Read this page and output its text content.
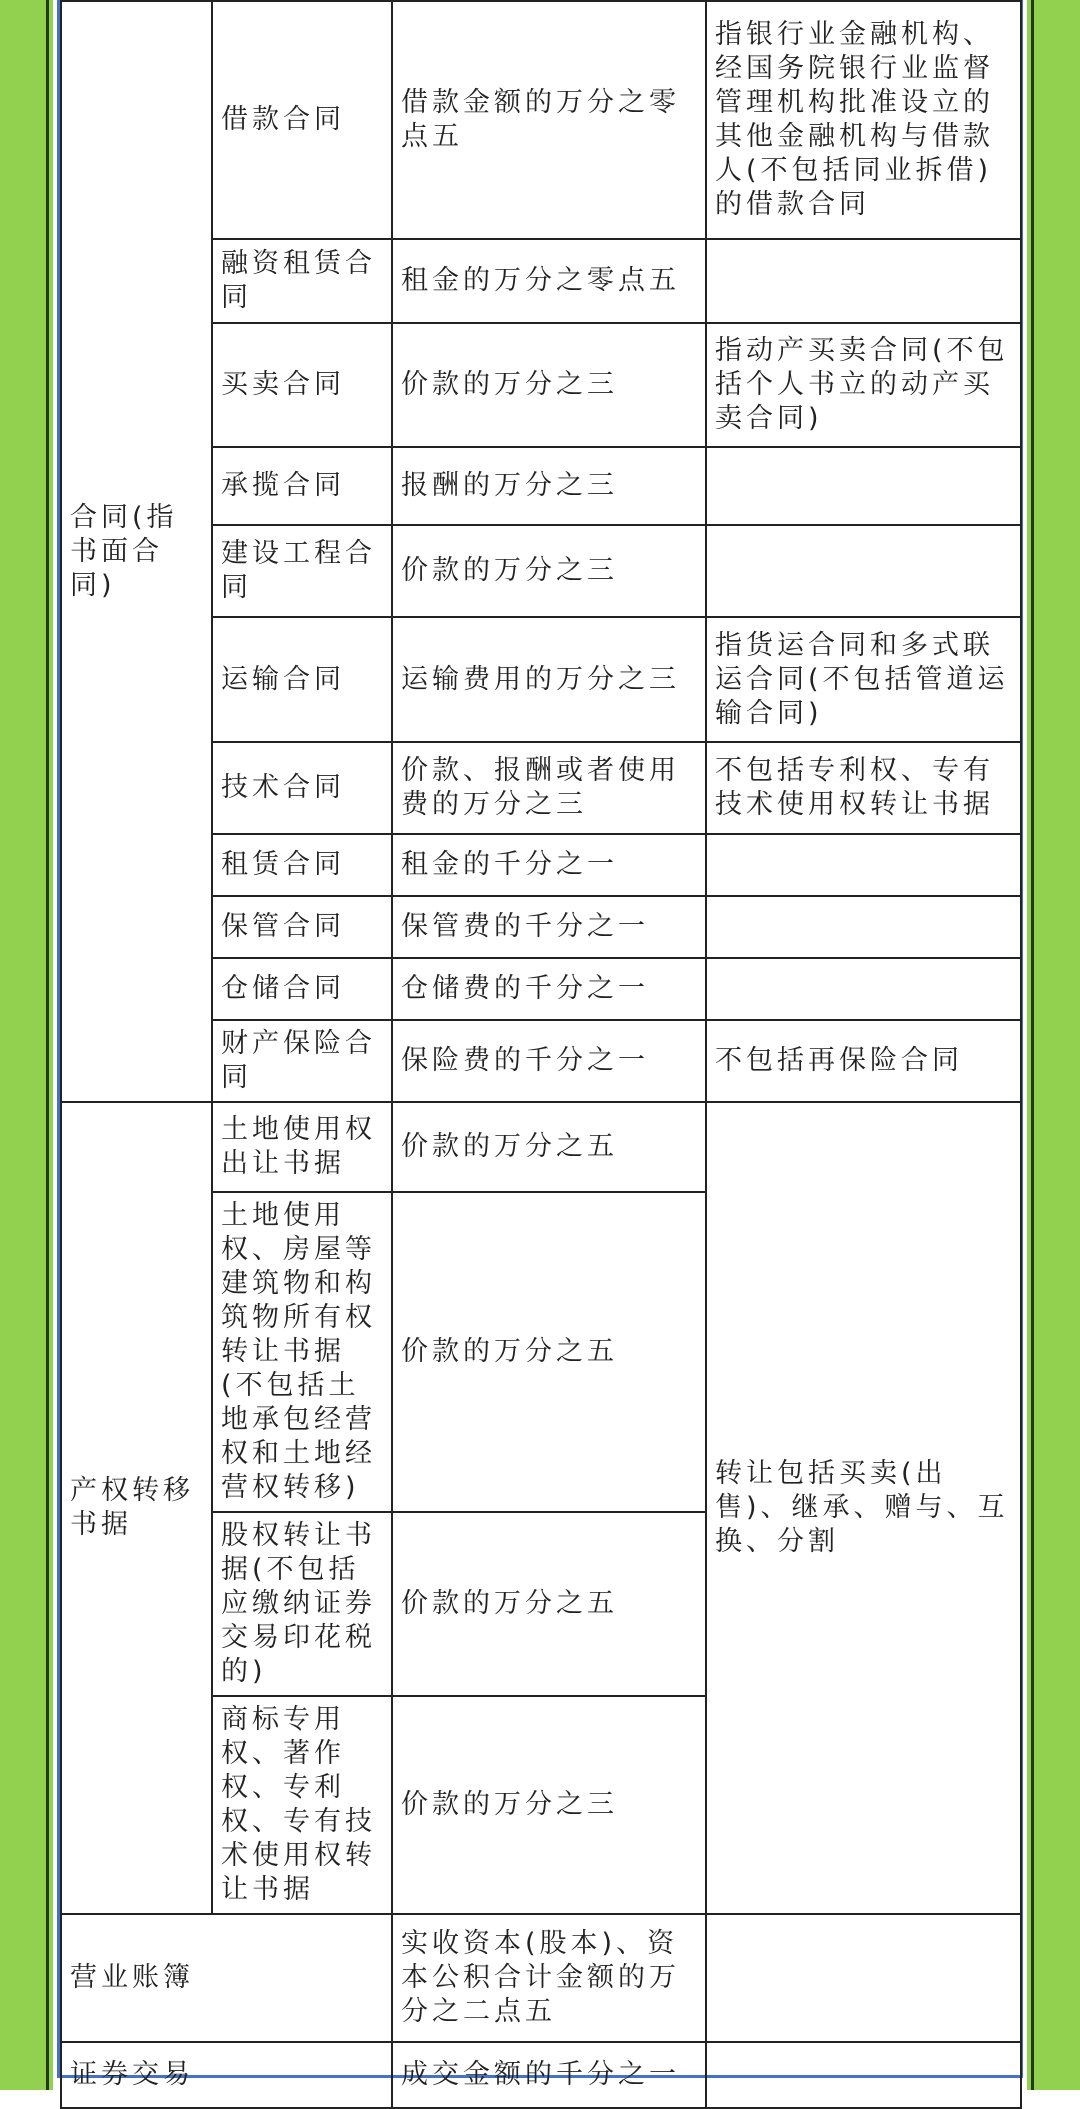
合同(指书面合同)	借款合同	借款金额的万分之零点五	指银行业金融机构、经国务院银行业监督管理机构批准设立的其他金融机构与借款人(不包括同业拆借)的借款合同
	融资租赁合同	租金的万分之零点五	
	买卖合同	价款的万分之三	指动产买卖合同(不包括个人书立的动产买卖合同)
	承揽合同	报酬的万分之三	
	建设工程合同	价款的万分之三	
	运输合同	运输费用的万分之三	指货运合同和多式联运合同(不包括管道运输合同)
	技术合同	价款、报酬或者使用费的万分之三	不包括专利权、专有技术使用权转让书据
	租赁合同	租金的千分之一	
	保管合同	保管费的千分之一	
	仓储合同	仓储费的千分之一	
	财产保险合同	保险费的千分之一	不包括再保险合同
产权转移书据	土地使用权出让书据	价款的万分之五	转让包括买卖(出售)、继承、赠与、互换、分割
	土地使用权、房屋等建筑物和构筑物所有权转让书据(不包括土地承包经营权和土地经营权转移)	价款的万分之五	
	股权转让书据(不包括应缴纳证券交易印花税的)	价款的万分之五	
	商标专用权、著作权、专利权、专有技术使用权转让书据	价款的万分之三	
营业账簿		实收资本(股本)、资本公积合计金额的万分之二点五	
证券交易		成交金额的千分之一	
